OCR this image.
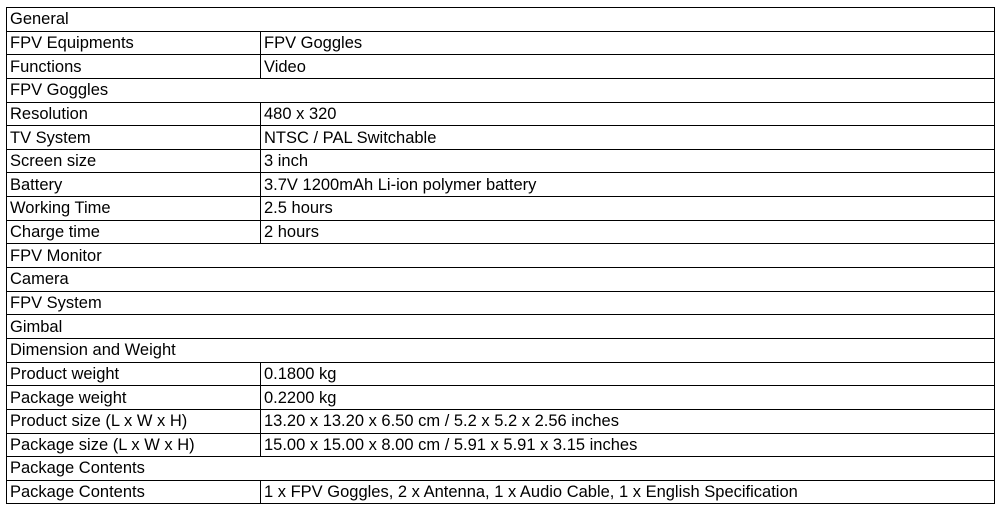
General	
FPV Equipments	FPV Goggles
Functions	Video
FPV Goggles	
Resolution	480 x 320
TV System	NTSC / PAL Switchable
Screen size	3 inch
Battery	3.7V 1200mAh Li-ion polymer battery
Working Time	2.5 hours
Charge time	2 hours
FPV Monitor	
Camera	
FPV System	
Gimbal	
Dimension and Weight	
Product weight	0.1800 kg
Package weight	0.2200 kg
Product size (L x W x H)	13.20 x 13.20 x 6.50 cm / 5.2 x 5.2 x 2.56 inches
Package size (L x W x H)	15.00 x 15.00 x 8.00 cm / 5.91 x 5.91 x 3.15 inches
Package Contents	
Package Contents	1 x FPV Goggles, 2 x Antenna, 1 x Audio Cable, 1 x English Specification
